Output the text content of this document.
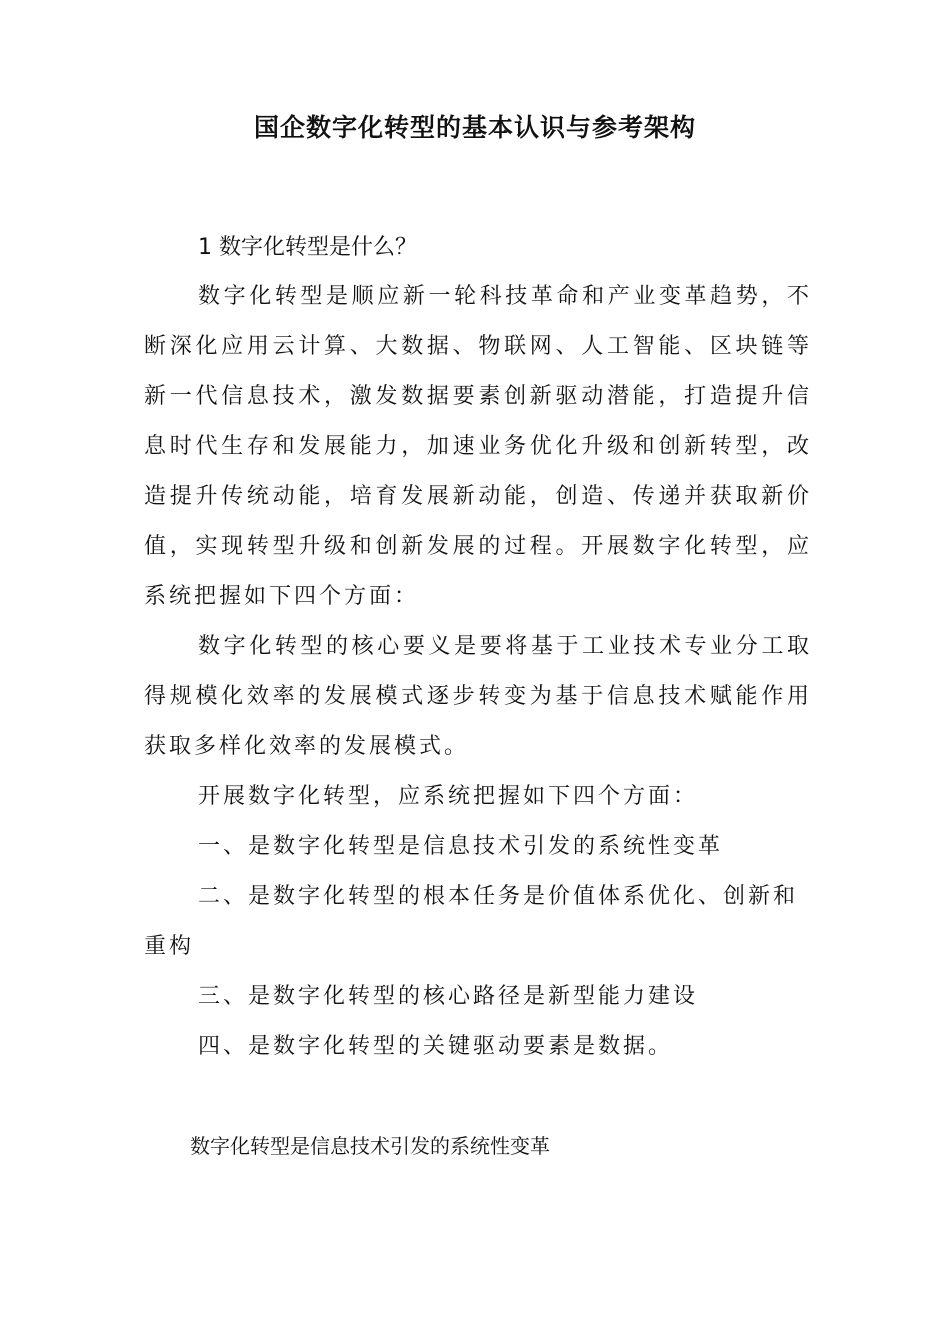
国企数字化转型的基本认识与参考架构
1 数字化转型是什么？

数字化转型是顺应新一轮科技革命和产业变革趋势，不断深化应用云计算、大数据、物联网、人工智能、区块链等新一代信息技术，激发数据要素创新驱动潜能，打造提升信息时代生存和发展能力，加速业务优化升级和创新转型，改造提升传统动能，培育发展新动能，创造、传递并获取新价值，实现转型升级和创新发展的过程。开展数字化转型，应系统把握如下四个方面：

数字化转型的核心要义是要将基于工业技术专业分工取得规模化效率的发展模式逐步转变为基于信息技术赋能作用获取多样化效率的发展模式。

开展数字化转型，应系统把握如下四个方面：

一、是数字化转型是信息技术引发的系统性变革

二、是数字化转型的根本任务是价值体系优化、创新和重构

三、是数字化转型的核心路径是新型能力建设

四、是数字化转型的关键驱动要素是数据。

数字化转型是信息技术引发的系统性变革
